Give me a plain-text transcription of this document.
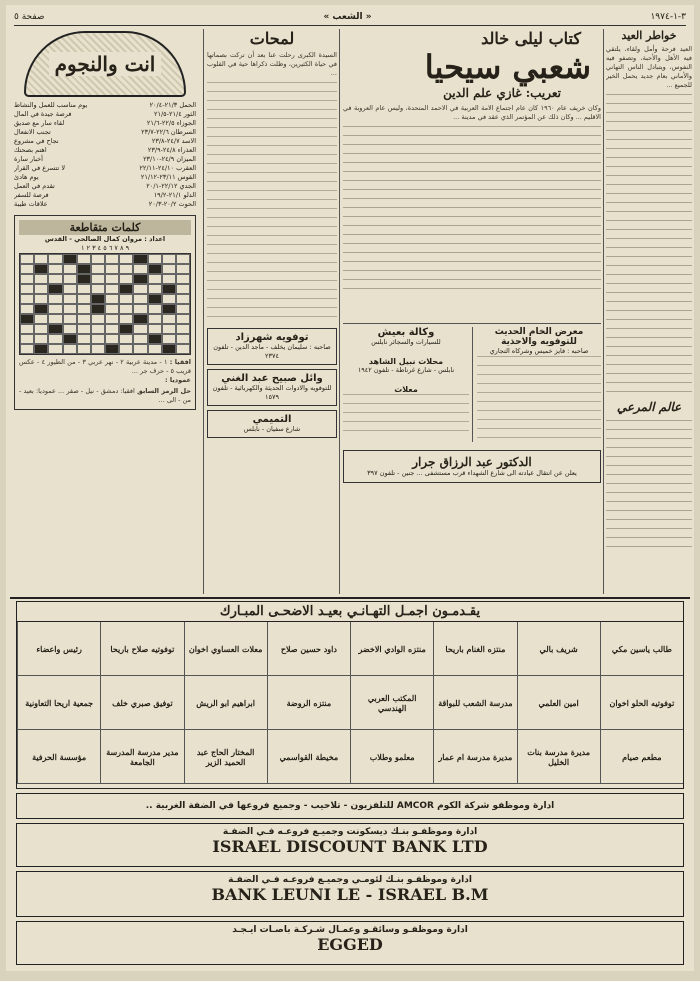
٣-١-١٩٧٤
« الشعب »
صفحة ٥
خواطر العيد
العيد فرحة وأمل ولقاء، يلتقي فيه الأهل والأحبة، وتصفو فيه النفوس، ويتبادل الناس التهاني والأماني بعام جديد يحمل الخير للجميع ...
عالم المرعي
كتاب ليلى خالد
شعبي سيحيا
تعريب: غازي علم الدين
وكان خريف عام ١٩٦٠ كان عام اجتماع الامة العربية في الاحمد المتحدة، وليس عام العروبة في الاقليم ... وكان ذلك عن المؤتمر الذي عقد في مدينة ...
معرض الخام الحديث للتوفويه والاحذية
صاحبه : فايز خميس وشركاه التجاري
وكالة بعيش
للسيارات والسجائر نابلس
محلات نبيل الشاهد
نابلس - شارع غرناطة - تلفون ١٩٤٢
معلات
الدكتور عبد الرزاق جرار
يعلن عن انتقال عيادته الى شارع الشهداء قرب مستشفى ... جنين - تلفون ٣٩٧
لمحات
السيدة الكبرى رحلت عنا بعد أن تركت بصماتها في حياة الكثيرين، وظلت ذكراها حية في القلوب ...
توفويه شهرزاد
صاحبه : سليمان يخلف - ماجد الدين - تلفون ٢٣٧٤
وائل صبيح عبد الغني
للتوفويه والادوات الحديثة والكهربائية - تلفون ١٥٧٩
التميمي
شارع سفيان - نابلس
انت والنجوم
الحمل ٢١/٣-٢٠/٤
يوم مناسب للعمل والنشاط
الثور ٢١/٤-٢١/٥
فرصة جيدة في المال
الجوزاء ٢٢/٥-٢١/٦
لقاء سار مع صديق
السرطان ٢٢/٦-٢٣/٧
تجنب الانفعال
الاسد ٢٤/٧-٢٣/٨
نجاح في مشروع
العذراء ٢٤/٨-٢٣/٩
اهتم بصحتك
الميزان ٢٤/٩-٢٣/١٠
أخبار سارة
العقرب ٢٤/١٠-٢٢/١١
لا تتسرع في القرار
القوس ٢٣/١١-٢١/١٢
يوم هادئ
الجدي ٢٢/١٢-٢٠/١
تقدم في العمل
الدلو ٢١/١-١٩/٢
فرصة للسفر
الحوت ٢٠/٢-٢٠/٣
علاقات طيبة
كلمات متقاطعة
اعداد : مروان كمال الصالحي - القدس
٩ ٨ ٧ ٦ ٥ ٤ ٣ ٢ ١
افقيا : ١ - مدينة عربية ٢ - نهر عربي ٣ - من الطيور ٤ - عكس قريب ٥ - حرف جر ...
عموديا :
حل الرمز السابق افقيا: دمشق - نيل - صقر ... عموديا: بعيد - من - الى ...
يقـدمـون اجمـل التهـانـي بعيـد الاضحـى المبـارك
طالب ياسين مكي
شريف بالي
منتزه الغنام باريحا
منتزه الوادي الاخضر
داود حسين صلاح
معلات العساوي اخوان
توفوتيه صلاح باريحا
رئيس واعضاء
توفوتيه الحلو اخوان
امين العلمي
مدرسة الشعب للبواقة
المكتب العربي الهندسي
منتزه الروضة
ابراهيم ابو الريش
توفيق صبري خلف
جمعية اريحا التعاونية
مطعم صيام
مديرة مدرسة بنات الخليل
مديرة مدرسة ام عمار
معلمو وطلاب
مخيطة القواسمي
المختار الحاج عبد الحميد الزير
مدير مدرسة المدرسة الجامعة
مؤسسة الحرفية
ادارة وموظفو شركة الكوم AMCOR للتلفزيون - تلاحيب - وجميع فروعها في الضفة الغربية ..
ادارة وموظفـو بنـك ديسكونت وجميـع فروعـه فـي الضفـة
ISRAEL DISCOUNT BANK LTD
ادارة وموظفـو بنـك لئومـي وجميـع فروعـه فـي الضفـة
BANK LEUNI LE - ISRAEL B.M
ادارة وموظفـو وسائقـو وعمـال شـركـة باصـات ايـجـد
EGGED
